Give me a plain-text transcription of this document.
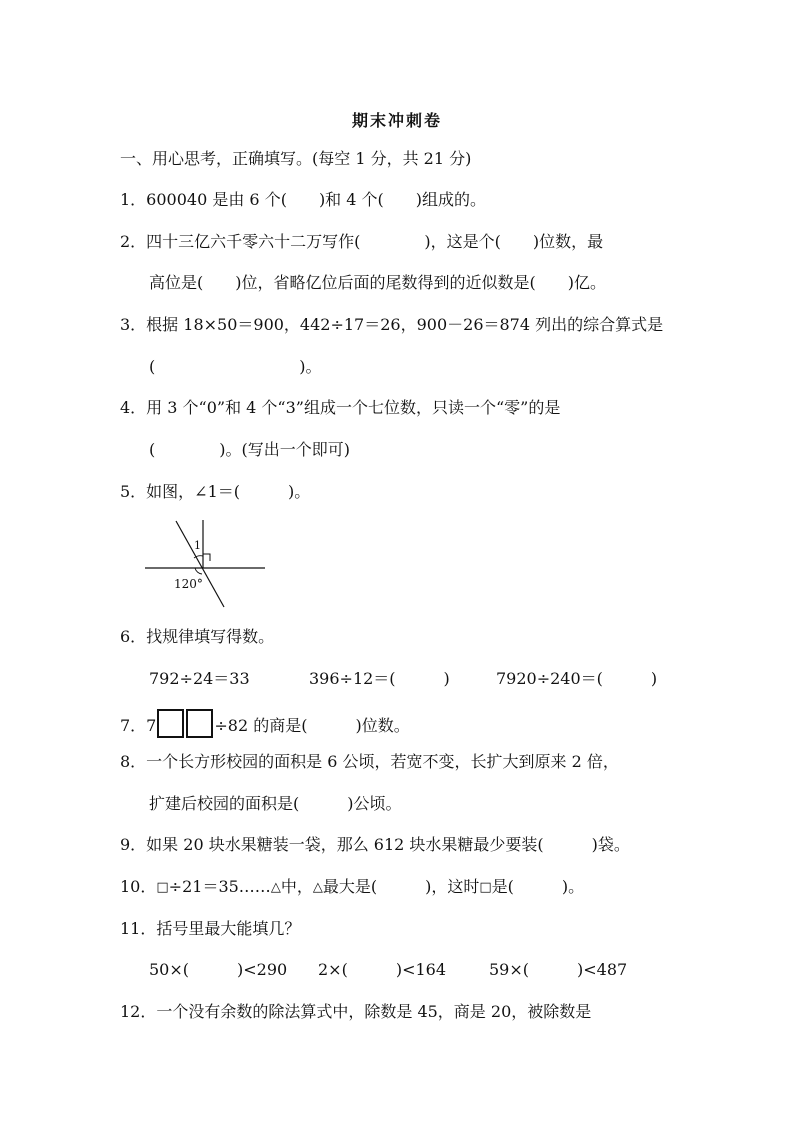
期末冲刺卷
一、用心思考，正确填写。(每空 1 分，共 21 分)
1．600040 是由 6 个(　　)和 4 个(　　)组成的。
2．四十三亿六千零六十二万写作(　　　　)，这是个(　　)位数，最
高位是(　　)位，省略亿位后面的尾数得到的近似数是(　　)亿。
3．根据 18×50＝900，442÷17＝26，900－26＝874 列出的综合算式是
(　　　　　　　　　)。
4．用 3 个“0”和 4 个“3”组成一个七位数，只读一个“零”的是
(　　　　)。(写出一个即可)
5．如图，∠1＝(　　　)。
1
120°
6．找规律填写得数。
792÷24＝33	396÷12＝(　　　)	7920÷240＝(　　　)
7．7	÷82 的商是(　　　)位数。
8．一个长方形校园的面积是 6 公顷，若宽不变，长扩大到原来 2 倍，
扩建后校园的面积是(　　　)公顷。
9．如果 20 块水果糖装一袋，那么 612 块水果糖最少要装(　　　)袋。
10．□÷21＝35……△中，△最大是(　　　)，这时□是(　　　)。
11．括号里最大能填几？
50×(　　　)<290 2×(　　　)<164	59×(　　　)<487
12．一个没有余数的除法算式中，除数是 45，商是 20，被除数是
